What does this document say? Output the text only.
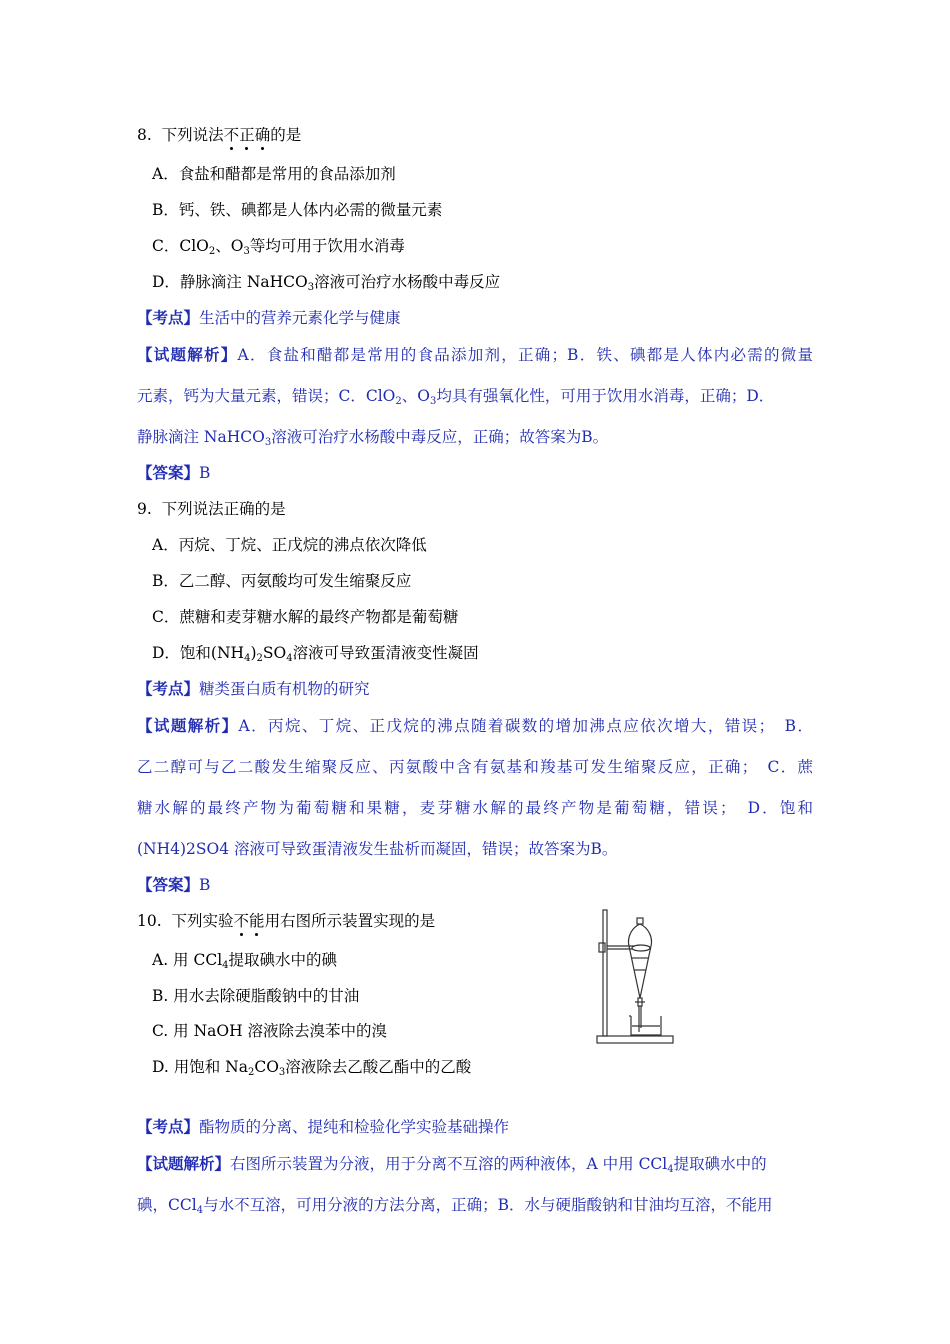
8. 下列说法不正确的是
A．食盐和醋都是常用的食品添加剂
B．钙、铁、碘都是人体内必需的微量元素
C．ClO$_2$、$O_3$等均可用于饮用水消毒
D．静脉滴注 NaHCO$_3$溶液可治疗水杨酸中毒反应
【考点】生活中的营养元素化学与健康
【试题解析】A．食盐和醋都是常用的食品添加剂，正确；B．铁、碘都是人体内必需的微量
元素，钙为大量元素，错误；C．ClO$_2$、$O_3$均具有强氧化性，可用于饮用水消毒，正确；D．
静脉滴注 NaHCO$_3$溶液可治疗水杨酸中毒反应，正确；故答案为B。
【答案】B
9. 下列说法正确的是
A．丙烷、丁烷、正戊烷的沸点依次降低
B．乙二醇、丙氨酸均可发生缩聚反应
C．蔗糖和麦芽糖水解的最终产物都是葡萄糖
D．饱和$(NH_4)_2SO_4$溶液可导致蛋清液变性凝固
【考点】糖类蛋白质有机物的研究
【试题解析】A．丙烷、丁烷、正戊烷的沸点随着碳数的增加沸点应依次增大，错误；　B．
乙二醇可与乙二酸发生缩聚反应、丙氨酸中含有氨基和羧基可发生缩聚反应，正确；　C．蔗
糖水解的最终产物为葡萄糖和果糖，麦芽糖水解的最终产物是葡萄糖，错误；　D．饱和
(NH4)2SO4 溶液可导致蛋清液发生盐析而凝固，错误；故答案为B。
【答案】B
10. 下列实验不能用右图所示装置实现的是
A. 用 CCl$_4$提取碘水中的碘
B. 用水去除硬脂酸钠中的甘油
C. 用 NaOH 溶液除去溴苯中的溴
D. 用饱和 $Na_2CO_3$溶液除去乙酸乙酯中的乙酸
【考点】酯物质的分离、提纯和检验化学实验基础操作
【试题解析】右图所示装置为分液，用于分离不互溶的两种液体，A 中用 CCl$_4$提取碘水中的
碘，CCl$_4$与水不互溶，可用分液的方法分离，正确；B．水与硬脂酸钠和甘油均互溶，不能用
